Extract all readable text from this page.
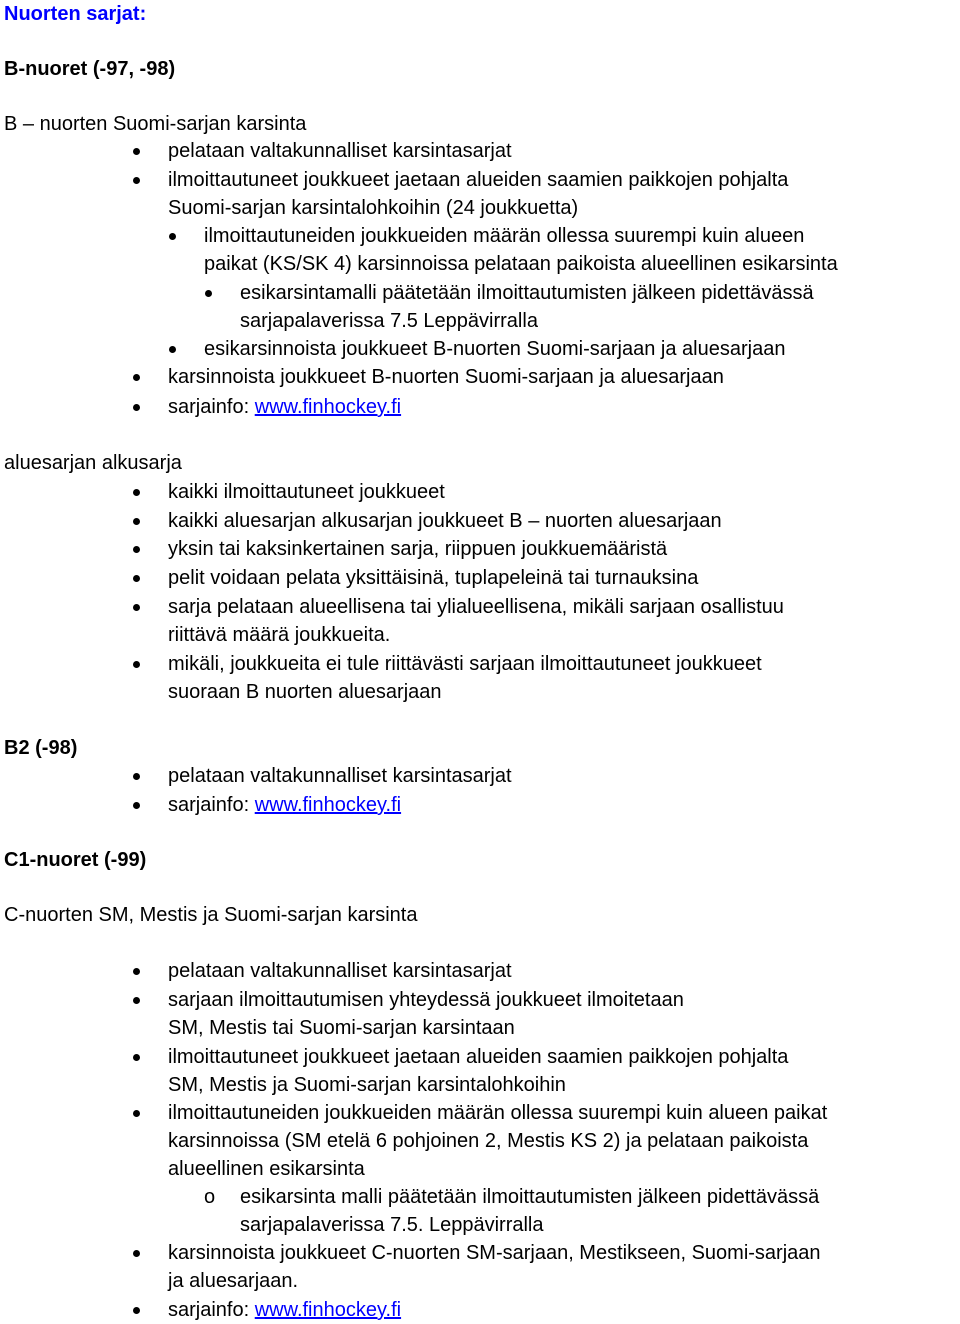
Nuorten sarjat:
B-nuoret (-97, -98)
B – nuorten Suomi-sarjan karsinta
pelataan valtakunnalliset karsintasarjat
ilmoittautuneet joukkueet jaetaan alueiden saamien paikkojen pohjalta
Suomi-sarjan karsintalohkoihin (24 joukkuetta)
ilmoittautuneiden joukkueiden määrän ollessa suurempi kuin alueen
paikat (KS/SK 4) karsinnoissa pelataan paikoista alueellinen esikarsinta
esikarsintamalli päätetään ilmoittautumisten jälkeen pidettävässä
sarjapalaverissa 7.5 Leppävirralla
esikarsinnoista joukkueet B-nuorten Suomi-sarjaan ja aluesarjaan
karsinnoista joukkueet B-nuorten Suomi-sarjaan ja aluesarjaan
sarjainfo: www.finhockey.fi
aluesarjan alkusarja
kaikki ilmoittautuneet joukkueet
kaikki aluesarjan alkusarjan joukkueet B – nuorten aluesarjaan
yksin tai kaksinkertainen sarja, riippuen joukkuemääristä
pelit voidaan pelata yksittäisinä, tuplapeleinä tai turnauksina
sarja pelataan alueellisena tai ylialueellisena, mikäli sarjaan osallistuu
riittävä määrä joukkueita.
mikäli, joukkueita ei tule riittävästi sarjaan ilmoittautuneet joukkueet
suoraan B nuorten aluesarjaan
B2 (-98)
pelataan valtakunnalliset karsintasarjat
sarjainfo: www.finhockey.fi
C1-nuoret (-99)
C-nuorten SM, Mestis ja Suomi-sarjan karsinta
pelataan valtakunnalliset karsintasarjat
sarjaan ilmoittautumisen yhteydessä joukkueet ilmoitetaan
SM, Mestis tai Suomi-sarjan karsintaan
ilmoittautuneet joukkueet jaetaan alueiden saamien paikkojen pohjalta
SM, Mestis ja Suomi-sarjan karsintalohkoihin
ilmoittautuneiden joukkueiden määrän ollessa suurempi kuin alueen paikat
karsinnoissa (SM etelä 6 pohjoinen 2, Mestis KS 2) ja pelataan paikoista
alueellinen esikarsinta
o esikarsinta malli päätetään ilmoittautumisten jälkeen pidettävässä
sarjapalaverissa 7.5. Leppävirralla
karsinnoista joukkueet C-nuorten SM-sarjaan, Mestikseen, Suomi-sarjaan
ja aluesarjaan.
sarjainfo: www.finhockey.fi
